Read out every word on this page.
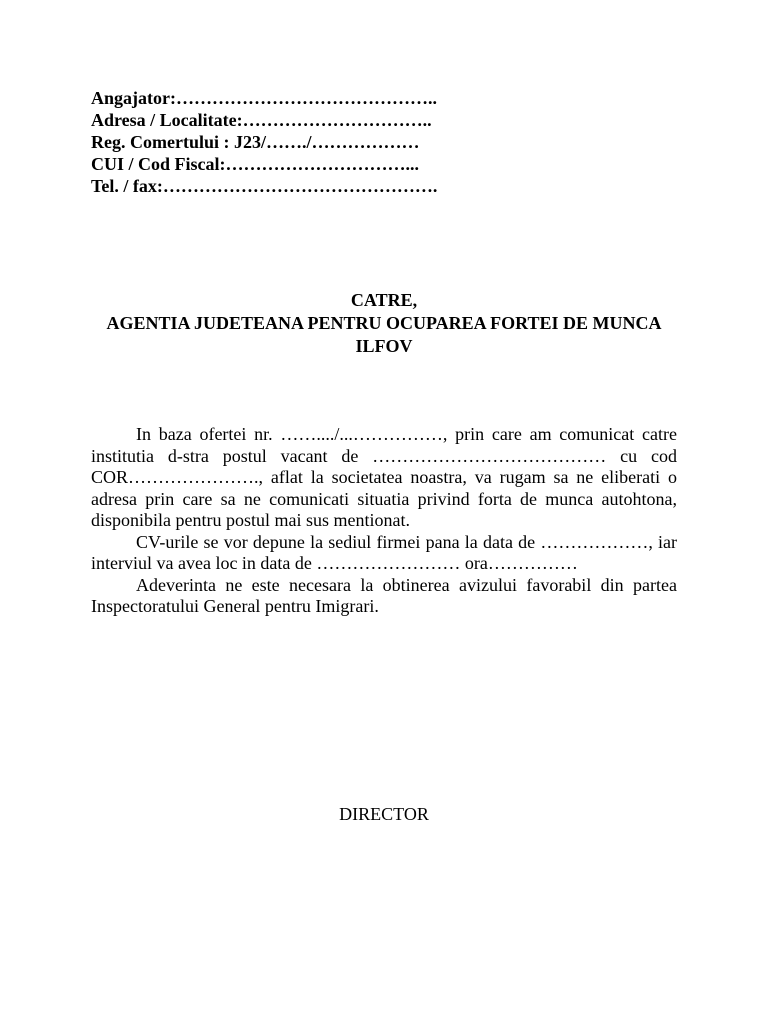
Angajator:……………………………………..
Adresa / Localitate:…………………………..
Reg. Comertului : J23/……./………………
CUI / Cod Fiscal:…………………………...
Tel. / fax:……………………………………….
CATRE,
AGENTIA JUDETEANA PENTRU OCUPAREA FORTEI DE MUNCA ILFOV

In baza ofertei nr. ……..../...……………, prin care am comunicat catre institutia d-stra postul vacant de ………………………………… cu cod COR…………………., aflat la societatea noastra, va rugam sa ne eliberati o adresa prin care sa ne comunicati situatia privind forta de munca autohtona, disponibila pentru postul mai sus mentionat.

CV-urile se vor depune la sediul firmei pana la data de ………………, iar interviul va avea loc in data de …………………… ora……………

Adeverinta ne este necesara la obtinerea avizului favorabil din partea Inspectoratului General pentru Imigrari.

DIRECTOR
